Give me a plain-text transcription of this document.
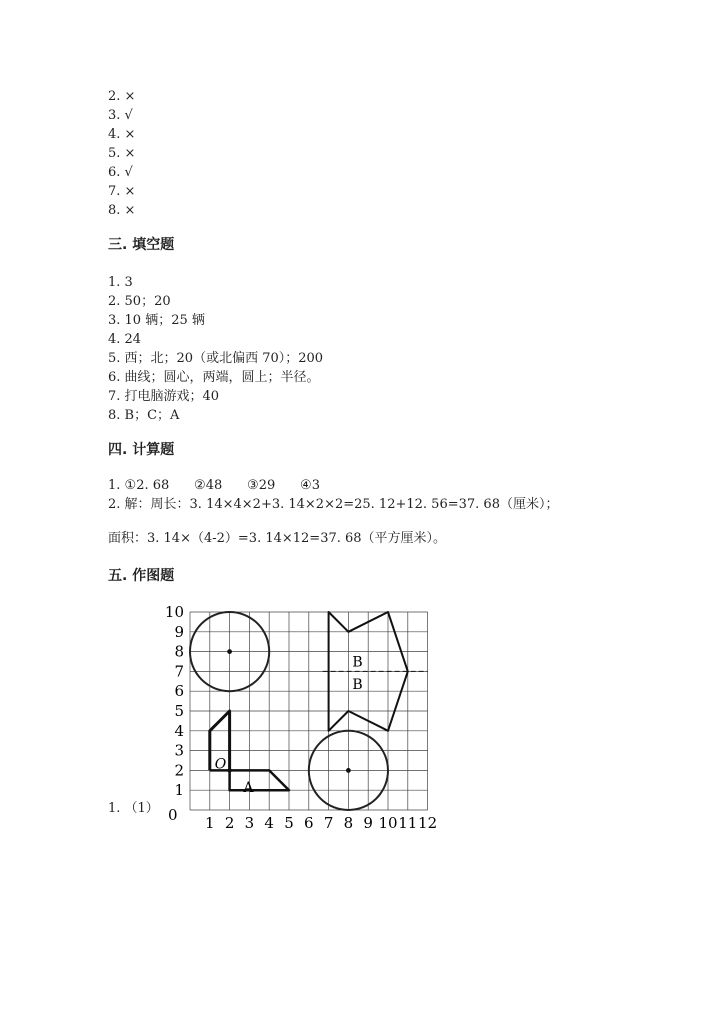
2. ×
3. √
4. ×
5. ×
6. √
7. ×
8. ×
三. 填空题
1. 3
2. 50；20
3. 10 辆；25 辆
4. 24
5. 西；北；20（或北偏西 70）；200
6. 曲线；圆心，两端，圆上；半径。
7. 打电脑游戏；40
8. B；C；A
四. 计算题
1. ①2. 68      ②48      ③29      ④3
2. 解：周长：3. 14×4×2+3. 14×2×2=25. 12+12. 56=37. 68（厘米）；
面积：3. 14×（4-2）=3. 14×12=37. 68（平方厘米）。
五. 作图题
1. （1）
1 2 3 4 5 6 7 8 9 10 11 12
1
2
3
4
5
6
7
8
9
10
0
O
A
B
B
